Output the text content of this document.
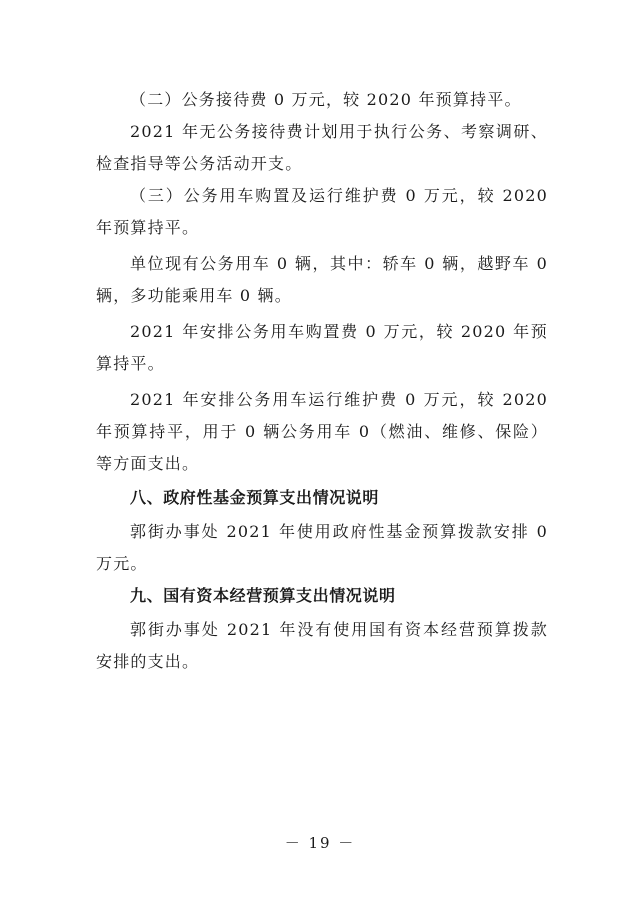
（二）公务接待费 0 万元，较 2020 年预算持平。

2021 年无公务接待费计划用于执行公务、考察调研、检查指导等公务活动开支。

（三）公务用车购置及运行维护费 0 万元，较 2020 年预算持平。

单位现有公务用车 0 辆，其中：轿车 0 辆，越野车 0 辆，多功能乘用车 0 辆。

2021 年安排公务用车购置费 0 万元，较 2020 年预算持平。

2021 年安排公务用车运行维护费 0 万元，较 2020 年预算持平，用于 0 辆公务用车 0（燃油、维修、保险）等方面支出。

八、政府性基金预算支出情况说明

郭街办事处 2021 年使用政府性基金预算拨款安排 0 万元。

九、国有资本经营预算支出情况说明

郭街办事处 2021 年没有使用国有资本经营预算拨款安排的支出。

－ 19 －
